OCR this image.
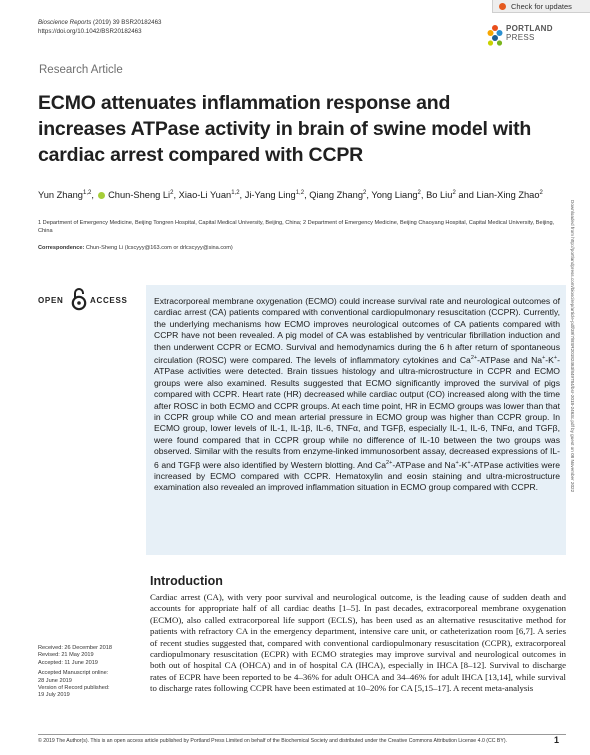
Bioscience Reports (2019) 39 BSR20182463
https://doi.org/10.1042/BSR20182463
Check for updates
PORTLAND
PRESS
Research Article
ECMO attenuates inflammation response and increases ATPase activity in brain of swine model with cardiac arrest compared with CCPR
Yun Zhang$^{1,2}$,  Chun-Sheng Li$^2$, Xiao-Li Yuan$^{1,2}$, Ji-Yang Ling$^{1,2}$, Qiang Zhang$^2$, Yong Liang$^2$, Bo Liu$^2$ and Lian-Xing Zhao$^2$
1 Department of Emergency Medicine, Beijing Tongren Hospital, Capital Medical University, Beijing, China; 2 Department of Emergency Medicine, Beijing Chaoyang Hospital, Capital Medical University, Beijing, China
Correspondence: Chun-Sheng Li (lcscyyy@163.com or drlcscyyy@sina.com)
OPEN	ACCESS	Extracorporeal membrane oxygenation (ECMO) could increase survival rate and neurological outcomes of cardiac arrest (CA) patients compared with conventional cardiopulmonary resuscitation (CCPR). Currently, the underlying mechanisms how ECMO improves neurological outcomes of CA patients compared with CCPR have not been revealed. A pig model of CA was established by ventricular fibrillation induction and then underwent CCPR or ECMO. Survival and hemodynamics during the 6 h after return of spontaneous circulation (ROSC) were compared. The levels of inflammatory cytokines and $Ca^{2+}$-ATPase and Na+-K+-ATPase activities were detected. Brain tissues histology and ultra-microstructure in CCPR and ECMO groups were also examined. Results suggested that ECMO significantly improved the survival of pigs compared with CCPR. Heart rate (HR) decreased while cardiac output (CO) increased along with the time after ROSC in both ECMO and CCPR groups. At each time point, HR in ECMO groups was lower than that in CCPR group while CO and mean arterial pressure in ECMO group was higher than CCPR group. In ECMO group, lower levels of IL-1, IL-1β, IL-6, TNFα, and TGFβ, especially IL-1, IL-6, TNFα, and TGFβ, were found compared that in CCPR group while no difference of IL-10 between the two groups was observed. Similar with the results from enzyme-linked immunosorbent assay, decreased expressions of IL-6 and TGFβ were also identified by Western blotting. And $Ca^{2+}$-ATPase and Na+-K+-ATPase activities were increased by ECMO compared with CCPR. Hematoxylin and eosin staining and ultra-microstructure examination also revealed an improved inflammation situation in ECMO group compared with CCPR.	Downloaded from http://portlandpress.com/bioscirep/article-pdf/39/7/BSR20182463/849784/bsr-2018-2463c.pdf by guest on 08 November 2022
Introduction
Cardiac arrest (CA), with very poor survival and neurological outcome, is the leading cause of sudden death and accounts for appropriate half of all cardiac deaths [1–5]. In past decades, extracorporeal membrane oxygenation (ECMO), also called extracorporeal life support (ECLS), has been used as an alternative resuscitative method for patients with refractory CA in the emergency department, intensive care unit, or catheterization room [6,7]. A series of recent studies suggested that, compared with conventional cardiopulmonary resuscitation (CCPR), extracorporeal cardiopulmonary resuscitation (ECPR) with ECMO strategies may improve survival and neurological outcomes in both out of hospital CA (OHCA) and in of hospital CA (IHCA), especially in IHCA [8–12]. Survival to discharge rates of ECPR have been reported to be 4–36% for adult OHCA and 34–46% for adult IHCA [13,14], while survival to discharge rates following CCPR have been estimated at 10–20% for CA [5,15–17]. A recent meta-analysis
Received: 26 December 2018
Revised: 21 May 2019
Accepted: 11 June 2019
Accepted Manuscript online:
28 June 2019
Version of Record published:
19 July 2019
© 2019 The Author(s). This is an open access article published by Portland Press Limited on behalf of the Biochemical Society and distributed under the Creative Commons Attribution License 4.0 (CC BY).	1
